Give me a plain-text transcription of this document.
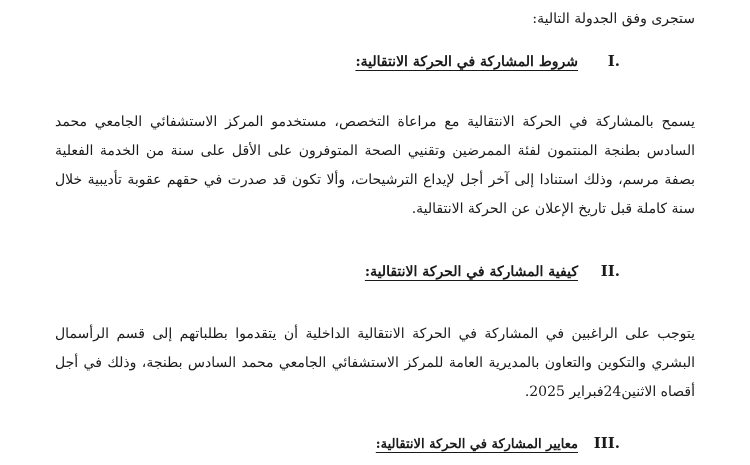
ستجرى وفق الجدولة التالية:

I.
شروط المشاركة في الحركة الانتقالية:

يسمح بالمشاركة في الحركة الانتقالية مع مراعاة التخصص، مستخدمو المركز الاستشفائي الجامعي محمد السادس بطنجة المنتمون لفئة الممرضين وتقنيي الصحة المتوفرون على الأقل على سنة من الخدمة الفعلية بصفة مرسم، وذلك استنادا إلى آخر أجل لإيداع الترشيحات، وألا تكون قد صدرت في حقهم عقوبة تأديبية خلال سنة كاملة قبل تاريخ الإعلان عن الحركة الانتقالية.

II.
كيفية المشاركة في الحركة الانتقالية:

يتوجب على الراغبين في المشاركة في الحركة الانتقالية الداخلية أن يتقدموا بطلباتهم إلى قسم الرأسمال البشري والتكوين والتعاون بالمديرية العامة للمركز الاستشفائي الجامعي محمد السادس بطنجة، وذلك في أجل أقصاه الاثنين24فبراير 2025.

III.
معايير المشاركة في الحركة الانتقالية:
